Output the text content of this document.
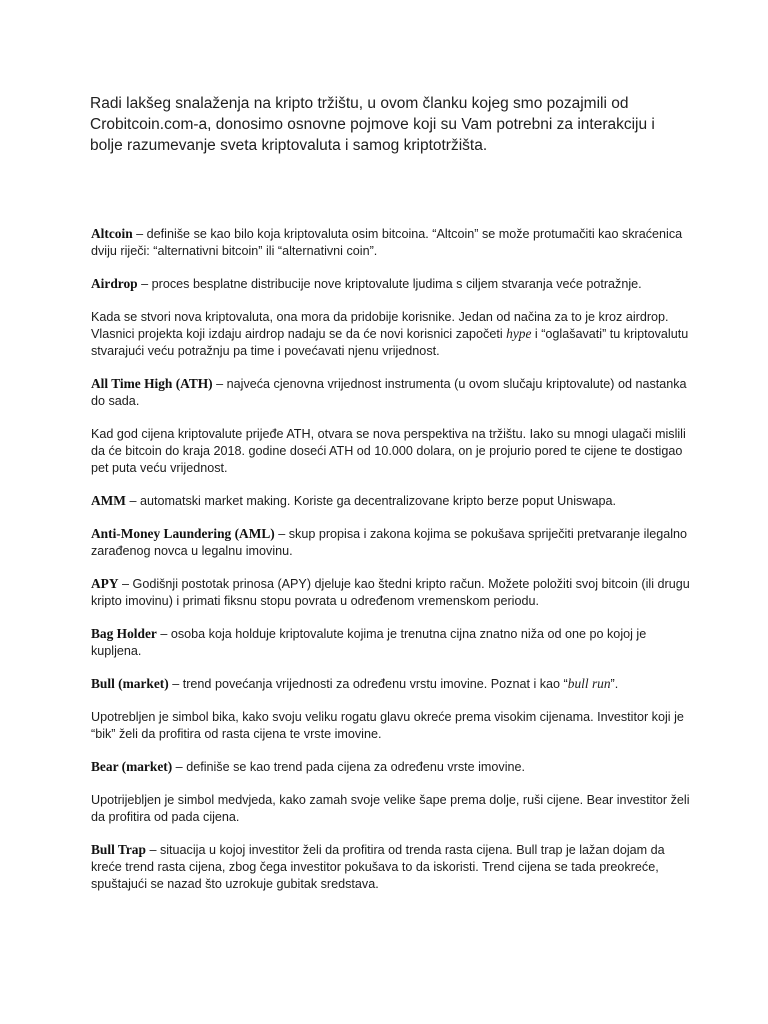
Radi lakšeg snalaženja na kripto tržištu, u ovom članku kojeg smo pozajmili od Crobitcoin.com-a, donosimo osnovne pojmove koji su Vam potrebni za interakciju i bolje razumevanje sveta kriptovaluta i samog kriptotržišta.

Altcoin – definiše se kao bilo koja kriptovaluta osim bitcoina. “Altcoin” se može protumačiti kao skraćenica dviju riječi: “alternativni bitcoin” ili “alternativni coin”.

Airdrop – proces besplatne distribucije nove kriptovalute ljudima s ciljem stvaranja veće potražnje.

Kada se stvori nova kriptovaluta, ona mora da pridobije korisnike. Jedan od načina za to je kroz airdrop. Vlasnici projekta koji izdaju airdrop nadaju se da će novi korisnici započeti hype i “oglašavati” tu kriptovalutu stvarajući veću potražnju pa time i povećavati njenu vrijednost.

All Time High (ATH) – najveća cjenovna vrijednost instrumenta (u ovom slučaju kriptovalute) od nastanka do sada.

Kad god cijena kriptovalute prijeđe ATH, otvara se nova perspektiva na tržištu. Iako su mnogi ulagači mislili da će bitcoin do kraja 2018. godine doseći ATH od 10.000 dolara, on je projurio pored te cijene te dostigao pet puta veću vrijednost.

AMM – automatski market making. Koriste ga decentralizovane kripto berze poput Uniswapa.

Anti-Money Laundering (AML) – skup propisa i zakona kojima se pokušava spriječiti pretvaranje ilegalno zarađenog novca u legalnu imovinu.

APY – Godišnji postotak prinosa (APY) djeluje kao štedni kripto račun. Možete položiti svoj bitcoin (ili drugu kripto imovinu) i primati fiksnu stopu povrata u određenom vremenskom periodu.

Bag Holder – osoba koja holduje kriptovalute kojima je trenutna cijna znatno niža od one po kojoj je kupljena.

Bull (market) – trend povećanja vrijednosti za određenu vrstu imovine. Poznat i kao “bull run”.

Upotrebljen je simbol bika, kako svoju veliku rogatu glavu okreće prema visokim cijenama. Investitor koji je “bik” želi da profitira od rasta cijena te vrste imovine.

Bear (market) – definiše se kao trend pada cijena za određenu vrste imovine.

Upotrijebljen je simbol medvjeda, kako zamah svoje velike šape prema dolje, ruši cijene. Bear investitor želi da profitira od pada cijena.

Bull Trap – situacija u kojoj investitor želi da profitira od trenda rasta cijena. Bull trap je lažan dojam da kreće trend rasta cijena, zbog čega investitor pokušava to da iskoristi. Trend cijena se tada preokreće, spuštajući se nazad što uzrokuje gubitak sredstava.
